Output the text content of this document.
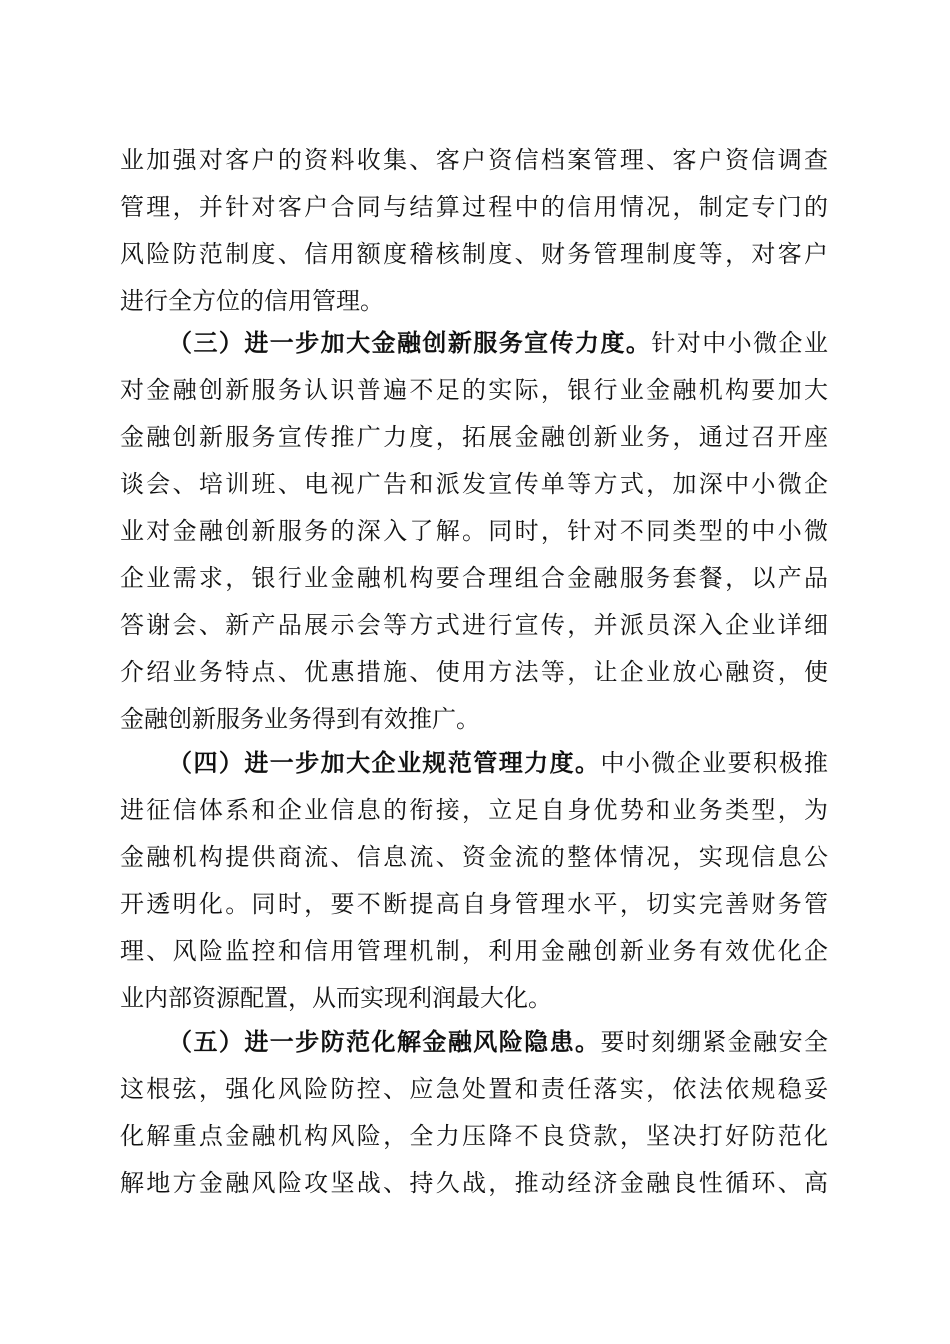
业加强对客户的资料收集、客户资信档案管理、客户资信调查
管理，并针对客户合同与结算过程中的信用情况，制定专门的
风险防范制度、信用额度稽核制度、财务管理制度等，对客户
进行全方位的信用管理。
（三）进一步加大金融创新服务宣传力度。针对中小微企业
对金融创新服务认识普遍不足的实际，银行业金融机构要加大
金融创新服务宣传推广力度，拓展金融创新业务，通过召开座
谈会、培训班、电视广告和派发宣传单等方式，加深中小微企
业对金融创新服务的深入了解。同时，针对不同类型的中小微
企业需求，银行业金融机构要合理组合金融服务套餐，以产品
答谢会、新产品展示会等方式进行宣传，并派员深入企业详细
介绍业务特点、优惠措施、使用方法等，让企业放心融资，使
金融创新服务业务得到有效推广。
（四）进一步加大企业规范管理力度。中小微企业要积极推
进征信体系和企业信息的衔接，立足自身优势和业务类型，为
金融机构提供商流、信息流、资金流的整体情况，实现信息公
开透明化。同时，要不断提高自身管理水平，切实完善财务管
理、风险监控和信用管理机制，利用金融创新业务有效优化企
业内部资源配置，从而实现利润最大化。
（五）进一步防范化解金融风险隐患。要时刻绷紧金融安全
这根弦，强化风险防控、应急处置和责任落实，依法依规稳妥
化解重点金融机构风险，全力压降不良贷款，坚决打好防范化
解地方金融风险攻坚战、持久战，推动经济金融良性循环、高
